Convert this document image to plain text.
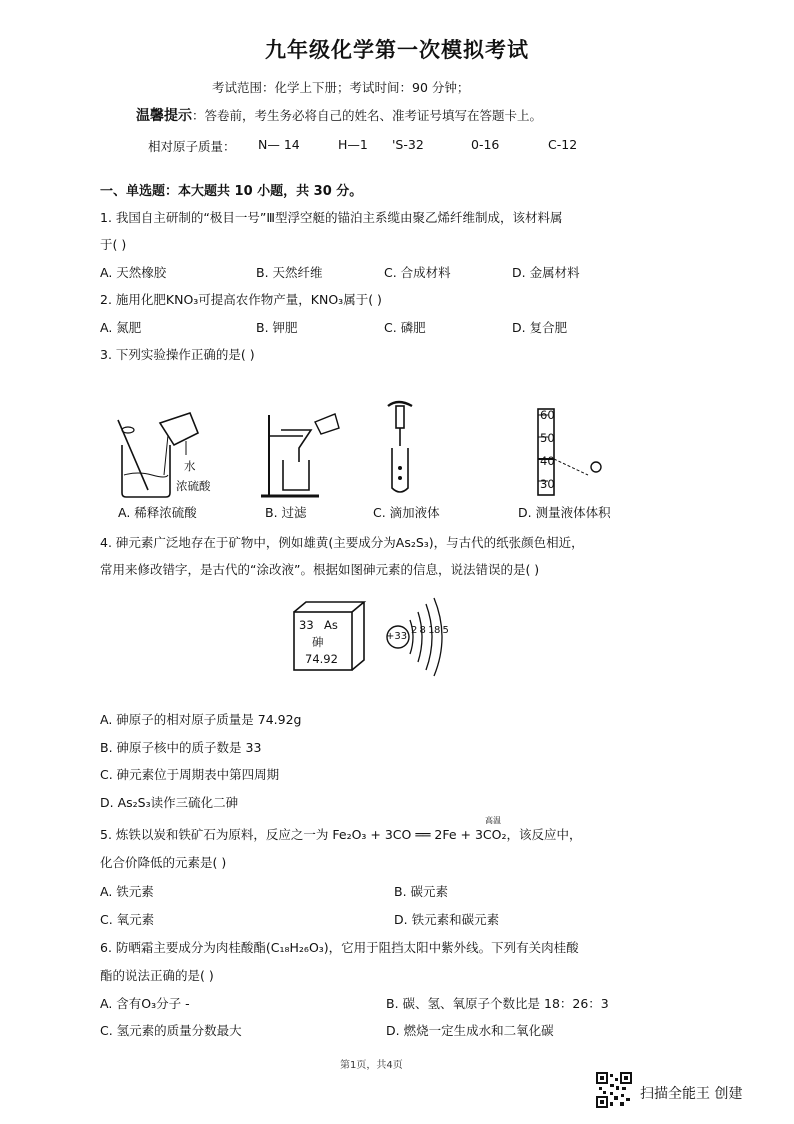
九年级化学第一次模拟考试
考试范围：化学上下册；考试时间：90 分钟；
温馨提示：答卷前，考生务必将自己的姓名、准考证号填写在答题卡上。
相对原子质量： N— 14	H—1 'S-32	0-16	C-12
一、单选题：本大题共 10 小题，共 30 分。
1. 我国自主研制的“极目一号”Ⅲ型浮空艇的锚泊主系缆由聚乙烯纤维制成，该材料属
于( )
A. 天然橡胶	B. 天然纤维	C. 合成材料	D. 金属材料
2. 施用化肥KNO₃可提高农作物产量，KNO₃属于( )
A. 氮肥	B. 钾肥	C. 磷肥	D. 复合肥
3. 下列实验操作正确的是( )
水
浓硫酸
60
50
40
30
A. 稀释浓硫酸	B. 过滤	C. 滴加液体	D. 测量液体体积
4. 砷元素广泛地存在于矿物中，例如雄黄(主要成分为As₂S₃)，与古代的纸张颜色相近，
常用来修改错字，是古代的“涂改液”。根据如图砷元素的信息，说法错误的是( )
33 As
砷
74.92
+33
2 8 18 5
A. 砷原子的相对原子质量是 74.92g
B. 砷原子核中的质子数是 33
C. 砷元素位于周期表中第四周期
D. As₂S₃读作三硫化二砷
高温
5. 炼铁以炭和铁矿石为原料，反应之一为 Fe₂O₃ + 3CO ══ 2Fe + 3CO₂，该反应中，
化合价降低的元素是( )
A. 铁元素	B. 碳元素
C. 氧元素	D. 铁元素和碳元素
6. 防晒霜主要成分为肉桂酸酯(C₁₈H₂₆O₃)，它用于阻挡太阳中紫外线。下列有关肉桂酸
酯的说法正确的是( )
A. 含有O₃分子 -	B. 碳、氢、氧原子个数比是 18：26：3
C. 氢元素的质量分数最大	D. 燃烧一定生成水和二氧化碳
第1页，共4页
扫描全能王 创建
